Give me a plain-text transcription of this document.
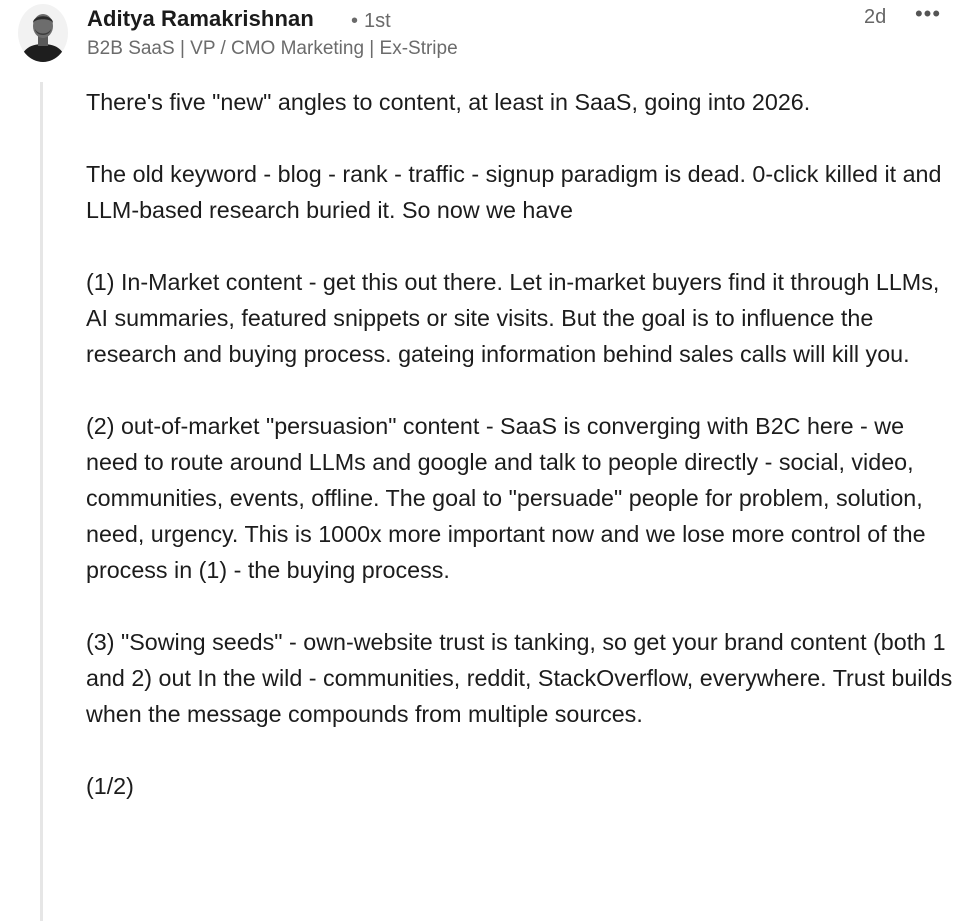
Aditya Ramakrishnan • 1st
B2B SaaS | VP / CMO Marketing | Ex-Stripe
2d •••

There's five "new" angles to content, at least in SaaS, going into 2026.

The old keyword - blog - rank - traffic - signup paradigm is dead. 0-click killed it and LLM-based research buried it. So now we have

(1) In-Market content - get this out there. Let in-market buyers find it through LLMs, AI summaries, featured snippets or site visits. But the goal is to influence the research and buying process. gateing information behind sales calls will kill you.

(2) out-of-market "persuasion" content - SaaS is converging with B2C here - we need to route around LLMs and google and talk to people directly - social, video, communities, events, offline. The goal to "persuade" people for problem, solution, need, urgency. This is 1000x more important now and we lose more control of the process in (1) - the buying process.

(3) "Sowing seeds" - own-website trust is tanking, so get your brand content (both 1 and 2) out In the wild - communities, reddit, StackOverflow, everywhere. Trust builds when the message compounds from multiple sources.

(1/2)
